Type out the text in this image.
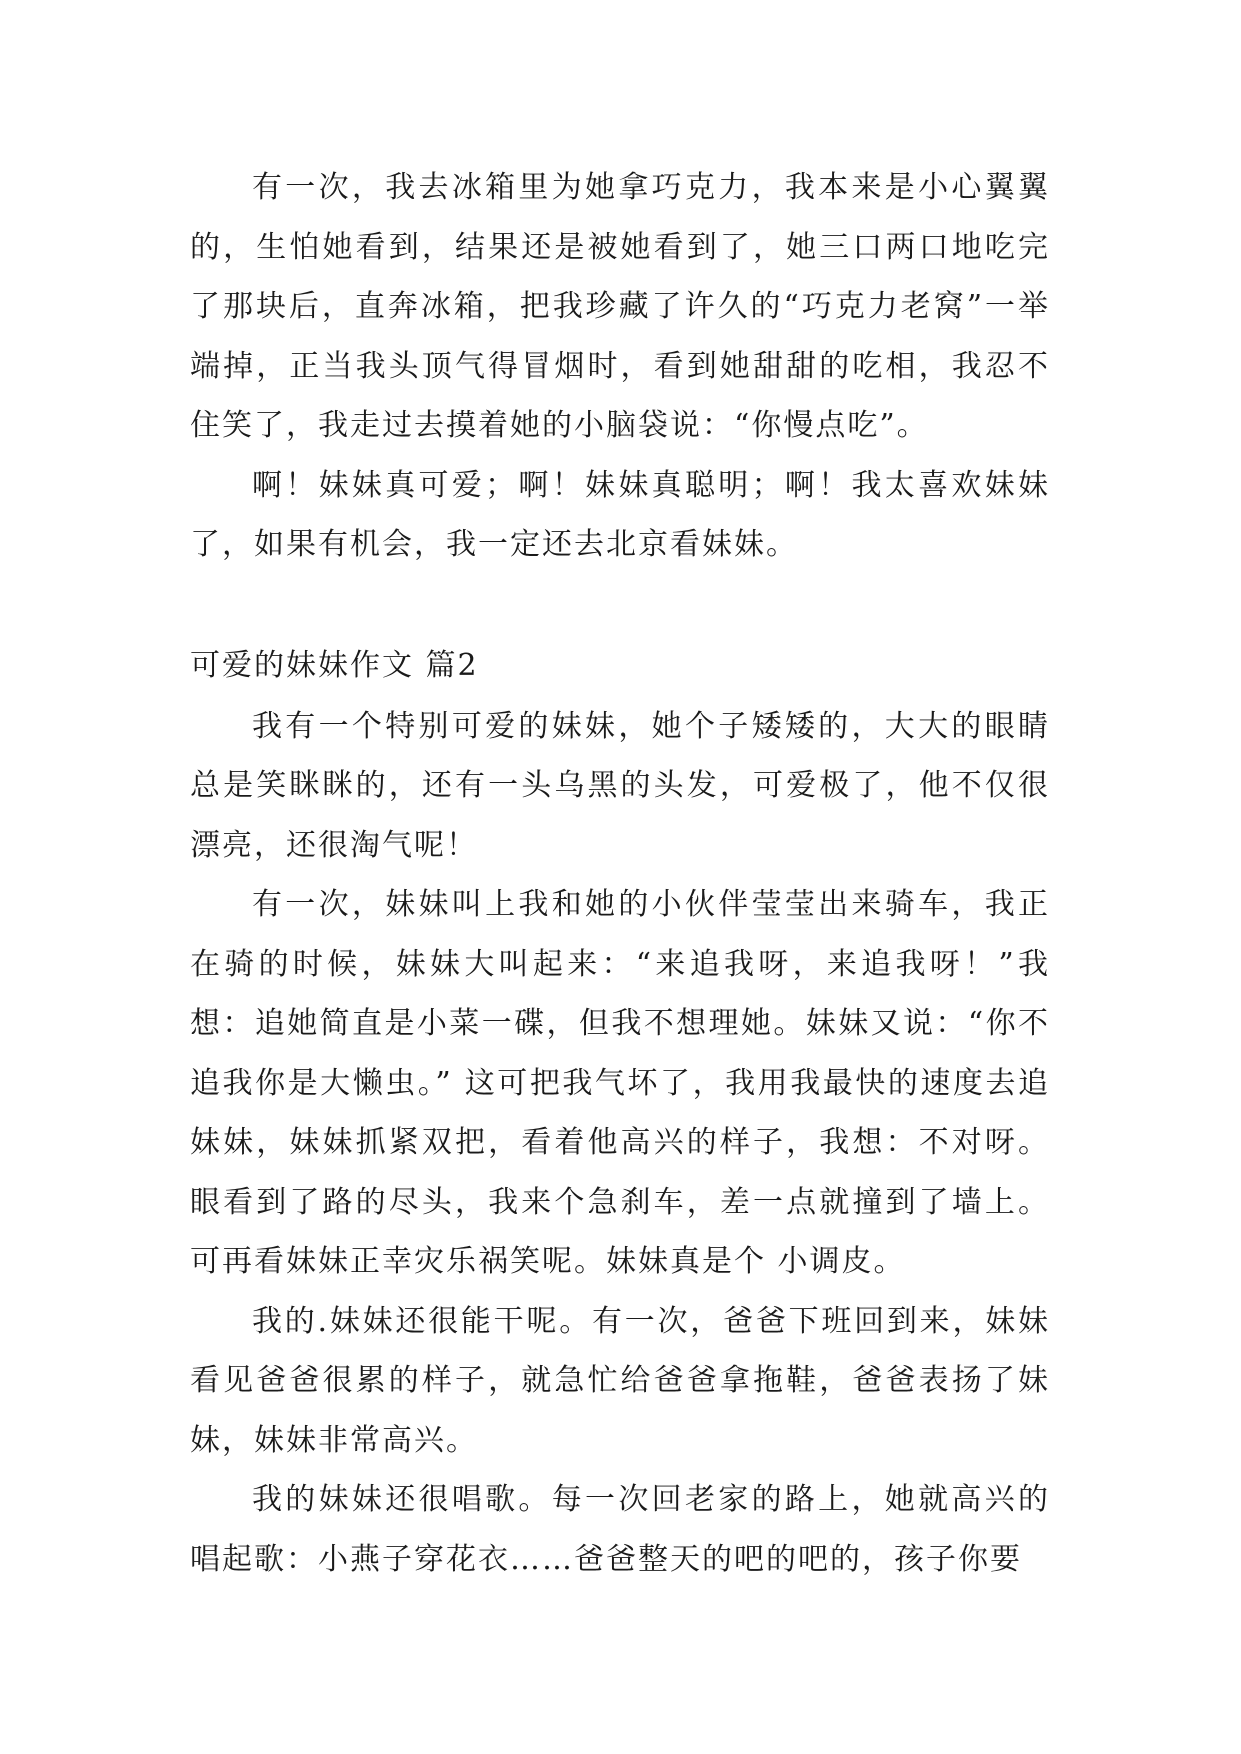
有一次，我去冰箱里为她拿巧克力，我本来是小心翼翼的，生怕她看到，结果还是被她看到了，她三口两口地吃完了那块后，直奔冰箱，把我珍藏了许久的“巧克力老窝”一举端掉，正当我头顶气得冒烟时，看到她甜甜的吃相，我忍不住笑了，我走过去摸着她的小脑袋说：“你慢点吃”。

啊！妹妹真可爱；啊！妹妹真聪明；啊！我太喜欢妹妹了，如果有机会，我一定还去北京看妹妹。

可爱的妹妹作文 篇2

我有一个特别可爱的妹妹，她个子矮矮的，大大的眼睛总是笑眯眯的，还有一头乌黑的头发，可爱极了，他不仅很漂亮，还很淘气呢！

有一次，妹妹叫上我和她的小伙伴莹莹出来骑车，我正在骑的时候，妹妹大叫起来：“来追我呀，来追我呀！”我想：追她简直是小菜一碟，但我不想理她。妹妹又说：“你不追我你是大懒虫。” 这可把我气坏了，我用我最快的速度去追妹妹，妹妹抓紧双把，看着他高兴的样子，我想：不对呀。眼看到了路的尽头，我来个急刹车，差一点就撞到了墙上。可再看妹妹正幸灾乐祸笑呢。妹妹真是个 小调皮。

我的.妹妹还很能干呢。有一次，爸爸下班回到来，妹妹看见爸爸很累的样子，就急忙给爸爸拿拖鞋，爸爸表扬了妹妹，妹妹非常高兴。

我的妹妹还很唱歌。每一次回老家的路上，她就高兴的唱起歌：小燕子穿花衣……爸爸整天的吧的吧的，孩子你要
